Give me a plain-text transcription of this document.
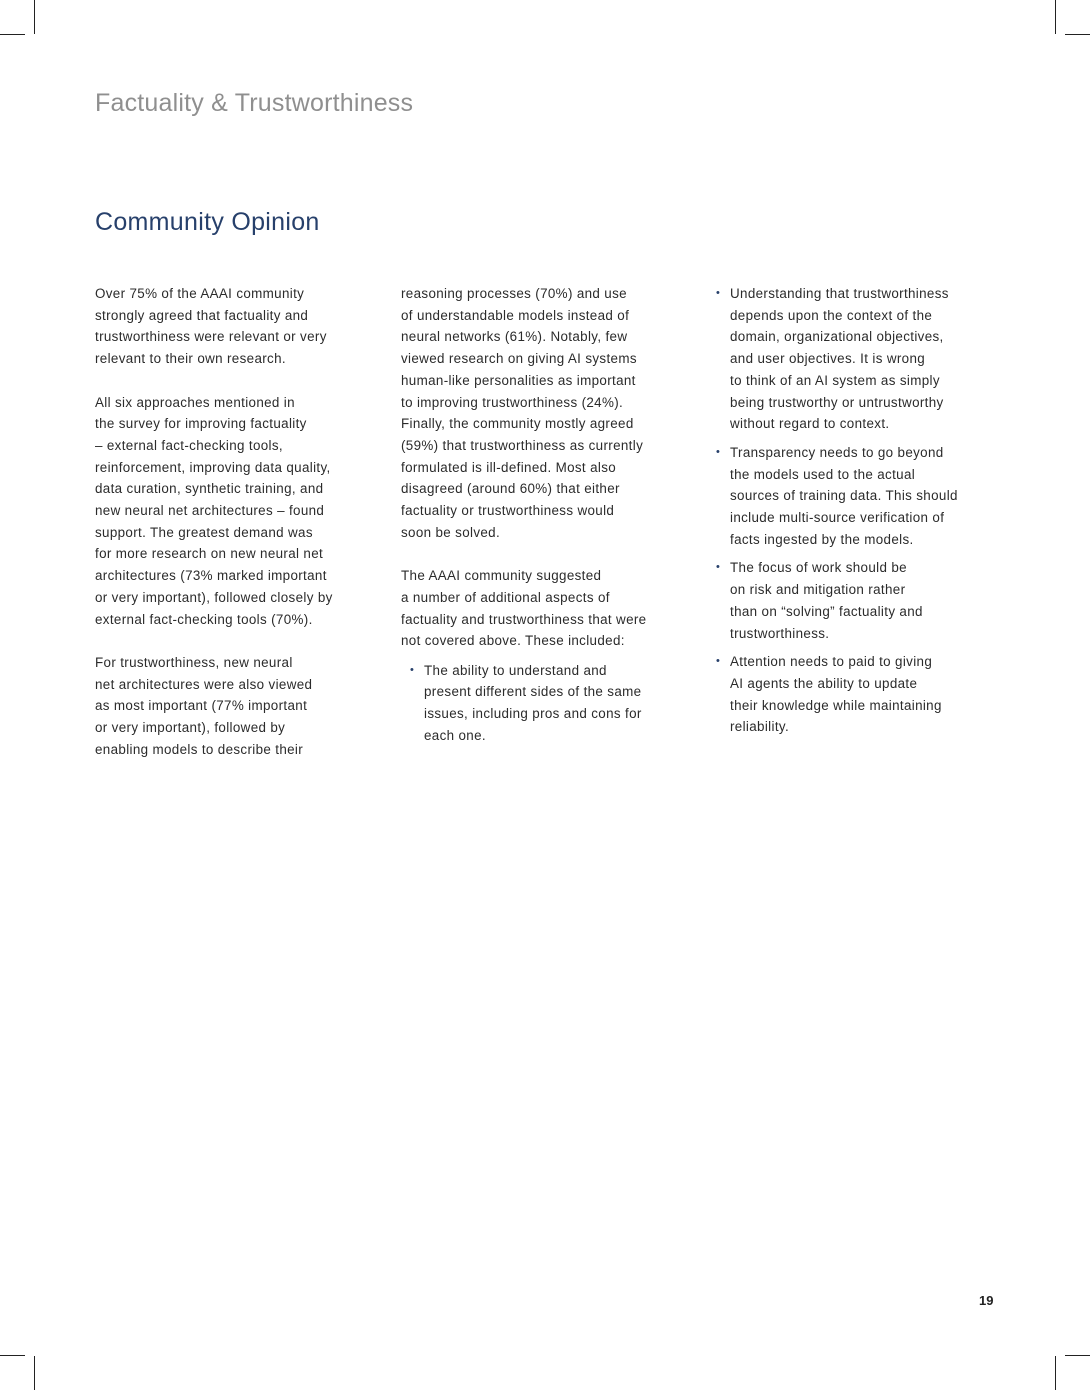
Factuality & Trustworthiness
Community Opinion

Over 75% of the AAAI community
strongly agreed that factuality and
trustworthiness were relevant or very
relevant to their own research.

All six approaches mentioned in
the survey for improving factuality
– external fact-checking tools,
reinforcement, improving data quality,
data curation, synthetic training, and
new neural net architectures – found
support. The greatest demand was
for more research on new neural net
architectures (73% marked important
or very important), followed closely by
external fact-checking tools (70%).

For trustworthiness, new neural
net architectures were also viewed
as most important (77% important
or very important), followed by
enabling models to describe their

reasoning processes (70%) and use
of understandable models instead of
neural networks (61%). Notably, few
viewed research on giving AI systems
human-like personalities as important
to improving trustworthiness (24%).
Finally, the community mostly agreed
(59%) that trustworthiness as currently
formulated is ill-defined. Most also
disagreed (around 60%) that either
factuality or trustworthiness would
soon be solved.

The AAAI community suggested
a number of additional aspects of
factuality and trustworthiness that were
not covered above. These included:

• The ability to understand and
present different sides of the same
issues, including pros and cons for
each one.
• Understanding that trustworthiness
depends upon the context of the
domain, organizational objectives,
and user objectives. It is wrong
to think of an AI system as simply
being trustworthy or untrustworthy
without regard to context.
• Transparency needs to go beyond
the models used to the actual
sources of training data. This should
include multi-source verification of
facts ingested by the models.
• The focus of work should be
on risk and mitigation rather
than on “solving” factuality and
trustworthiness.
• Attention needs to paid to giving
AI agents the ability to update
their knowledge while maintaining
reliability.
19
